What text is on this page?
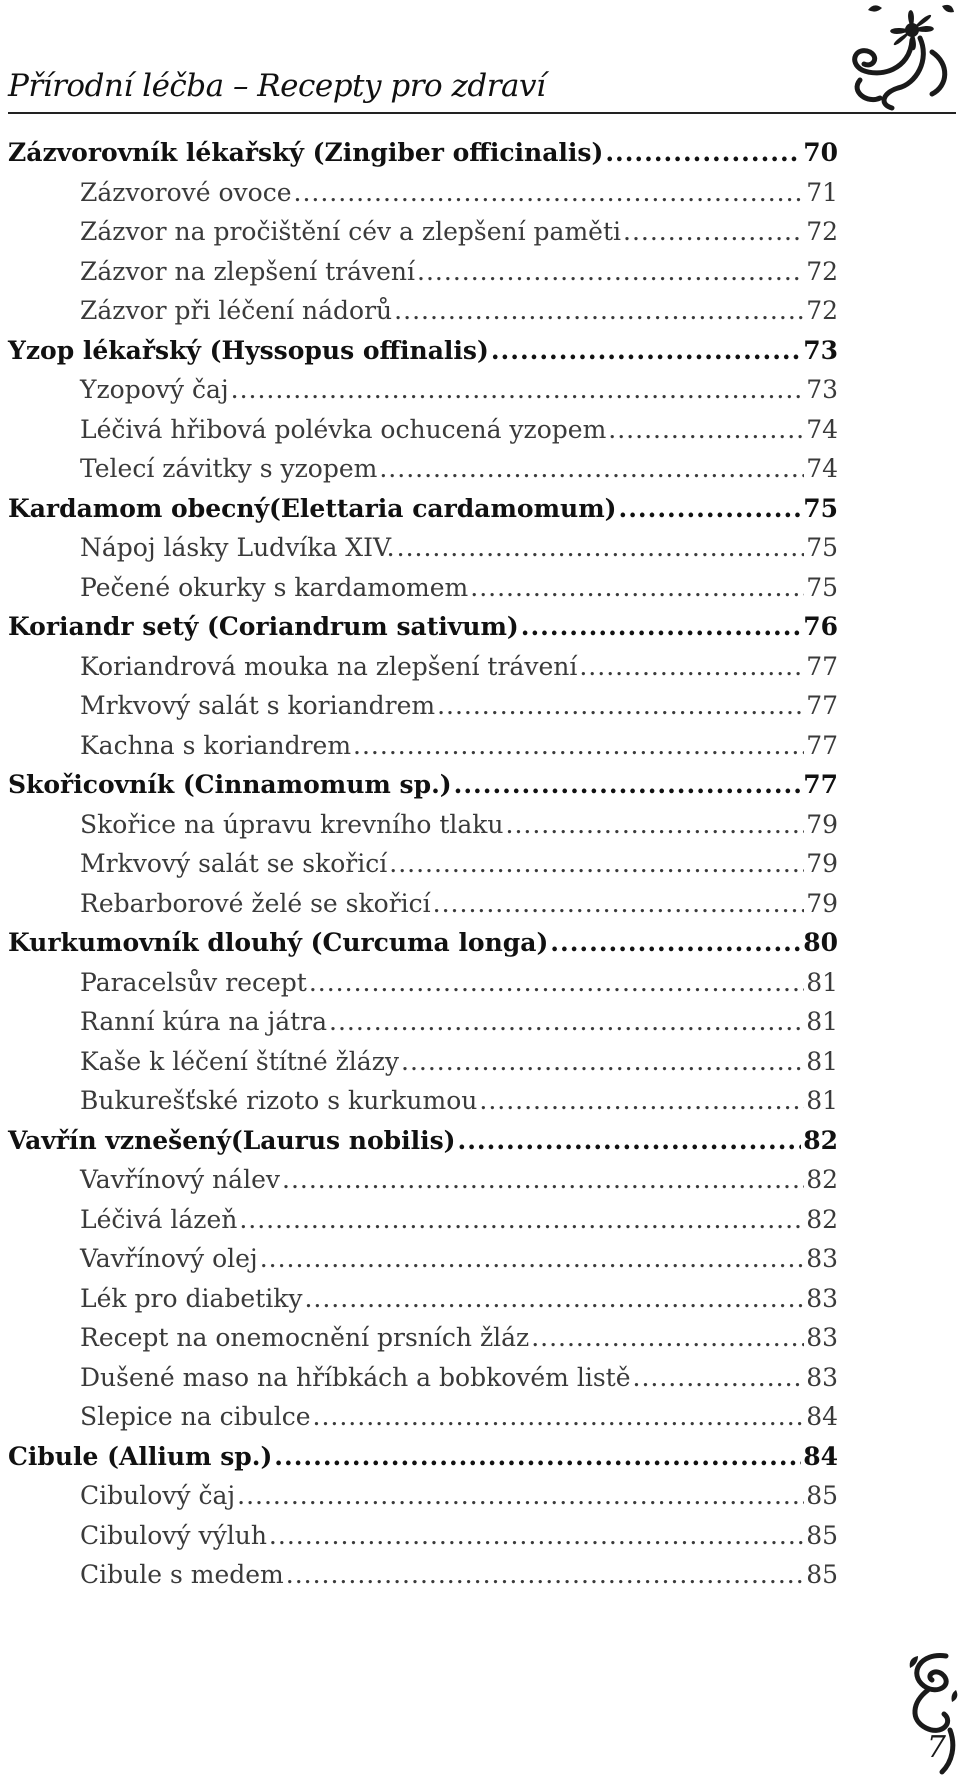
Přírodní léčba – Recepty pro zdraví
7
Zázvorovník lékařský (Zingiber officinalis) .....	70
Zázvorové ovoce .....	71
Zázvor na pročištění cév a zlepšení paměti .....	72
Zázvor na zlepšení trávení .....	72
Zázvor při léčení nádorů .....	72
Yzop lékařský (Hyssopus offinalis) .....	73
Yzopový čaj .....	73
Léčivá hřibová polévka ochucená yzopem .....	74
Telecí závitky s yzopem .....	74
Kardamom obecný(Elettaria cardamomum) .....	75
Nápoj lásky Ludvíka XIV. .....	75
Pečené okurky s kardamomem .....	75
Koriandr setý (Coriandrum sativum) .....	76
Koriandrová mouka na zlepšení trávení .....	77
Mrkvový salát s koriandrem .....	77
Kachna s koriandrem .....	77
Skořicovník (Cinnamomum sp.) .....	77
Skořice na úpravu krevního tlaku .....	79
Mrkvový salát se skořicí .....	79
Rebarborové želé se skořicí .....	79
Kurkumovník dlouhý (Curcuma longa) .....	80
Paracelsův recept .....	81
Ranní kúra na játra .....	81
Kaše k léčení štítné žlázy .....	81
Bukurešťské rizoto s kurkumou .....	81
Vavřín vznešený(Laurus nobilis) .....	82
Vavřínový nálev .....	82
Léčivá lázeň .....	82
Vavřínový olej .....	83
Lék pro diabetiky .....	83
Recept na onemocnění prsních žláz .....	83
Dušené maso na hříbkách a bobkovém listě .....	83
Slepice na cibulce .....	84
Cibule (Allium sp.) .....	84
Cibulový čaj .....	85
Cibulový výluh .....	85
Cibule s medem .....	85
